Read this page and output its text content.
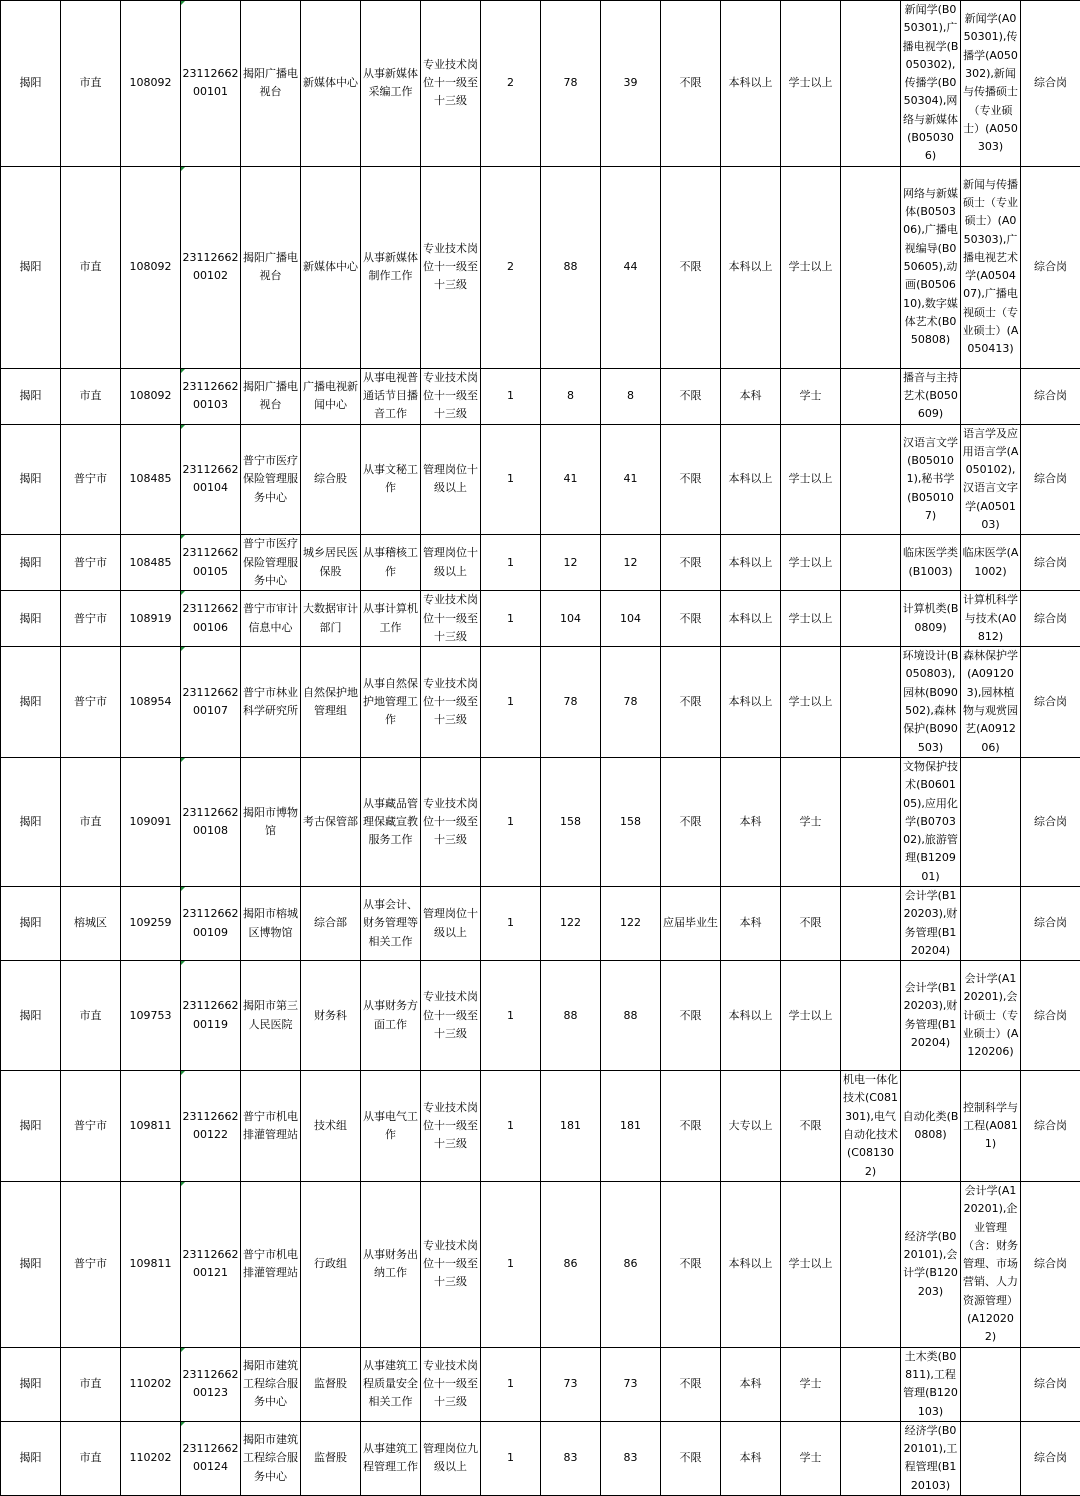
揭阳	市直	108092	2311266200101	揭阳广播电视台	新媒体中心	从事新媒体采编工作	专业技术岗位十一级至十三级	2	78	39	不限	本科以上	学士以上		新闻学(B050301),广播电视学(B050302),传播学(B050304),网络与新媒体(B050306)	新闻学(A050301),传播学(A050302),新闻与传播硕士（专业硕士）(A050303)	综合岗
揭阳	市直	108092	2311266200102	揭阳广播电视台	新媒体中心	从事新媒体制作工作	专业技术岗位十一级至十三级	2	88	44	不限	本科以上	学士以上		网络与新媒体(B050306),广播电视编导(B050605),动画(B050610),数字媒体艺术(B050808)	新闻与传播硕士（专业硕士）(A050303),广播电视艺术学(A050407),广播电视硕士（专业硕士）(A050413)	综合岗
揭阳	市直	108092	2311266200103	揭阳广播电视台	广播电视新闻中心	从事电视普通话节目播音工作	专业技术岗位十一级至十三级	1	8	8	不限	本科	学士		播音与主持艺术(B050609)		综合岗
揭阳	普宁市	108485	2311266200104	普宁市医疗保险管理服务中心	综合股	从事文秘工作	管理岗位十级以上	1	41	41	不限	本科以上	学士以上		汉语言文学(B050101),秘书学(B050107)	语言学及应用语言学(A050102),汉语言文字学(A050103)	综合岗
揭阳	普宁市	108485	2311266200105	普宁市医疗保险管理服务中心	城乡居民医保股	从事稽核工作	管理岗位十级以上	1	12	12	不限	本科以上	学士以上		临床医学类(B1003)	临床医学(A1002)	综合岗
揭阳	普宁市	108919	2311266200106	普宁市审计信息中心	大数据审计部门	从事计算机工作	专业技术岗位十一级至十三级	1	104	104	不限	本科以上	学士以上		计算机类(B0809)	计算机科学与技术(A0812)	综合岗
揭阳	普宁市	108954	2311266200107	普宁市林业科学研究所	自然保护地管理组	从事自然保护地管理工作	专业技术岗位十一级至十三级	1	78	78	不限	本科以上	学士以上		环境设计(B050803),园林(B090502),森林保护(B090503)	森林保护学(A091203),园林植物与观赏园艺(A091206)	综合岗
揭阳	市直	109091	2311266200108	揭阳市博物馆	考古保管部	从事藏品管理保藏宣教服务工作	专业技术岗位十一级至十三级	1	158	158	不限	本科	学士		文物保护技术(B060105),应用化学(B070302),旅游管理(B120901)		综合岗
揭阳	榕城区	109259	2311266200109	揭阳市榕城区博物馆	综合部	从事会计、财务管理等相关工作	管理岗位十级以上	1	122	122	应届毕业生	本科	不限		会计学(B120203),财务管理(B120204)		综合岗
揭阳	市直	109753	2311266200119	揭阳市第三人民医院	财务科	从事财务方面工作	专业技术岗位十一级至十三级	1	88	88	不限	本科以上	学士以上		会计学(B120203),财务管理(B120204)	会计学(A120201),会计硕士（专业硕士）(A120206)	综合岗
揭阳	普宁市	109811	2311266200122	普宁市机电排灌管理站	技术组	从事电气工作	专业技术岗位十一级至十三级	1	181	181	不限	大专以上	不限	机电一体化技术(C081301),电气自动化技术(C081302)	自动化类(B0808)	控制科学与工程(A0811)	综合岗
揭阳	普宁市	109811	2311266200121	普宁市机电排灌管理站	行政组	从事财务出纳工作	专业技术岗位十一级至十三级	1	86	86	不限	本科以上	学士以上		经济学(B020101),会计学(B120203)	会计学(A120201),企业管理（含：财务管理、市场营销、人力资源管理）(A120202)	综合岗
揭阳	市直	110202	2311266200123	揭阳市建筑工程综合服务中心	监督股	从事建筑工程质量安全相关工作	专业技术岗位十一级至十三级	1	73	73	不限	本科	学士		土木类(B0811),工程管理(B120103)		综合岗
揭阳	市直	110202	2311266200124	揭阳市建筑工程综合服务中心	监督股	从事建筑工程管理工作	管理岗位九级以上	1	83	83	不限	本科	学士		经济学(B020101),工程管理(B120103)		综合岗
